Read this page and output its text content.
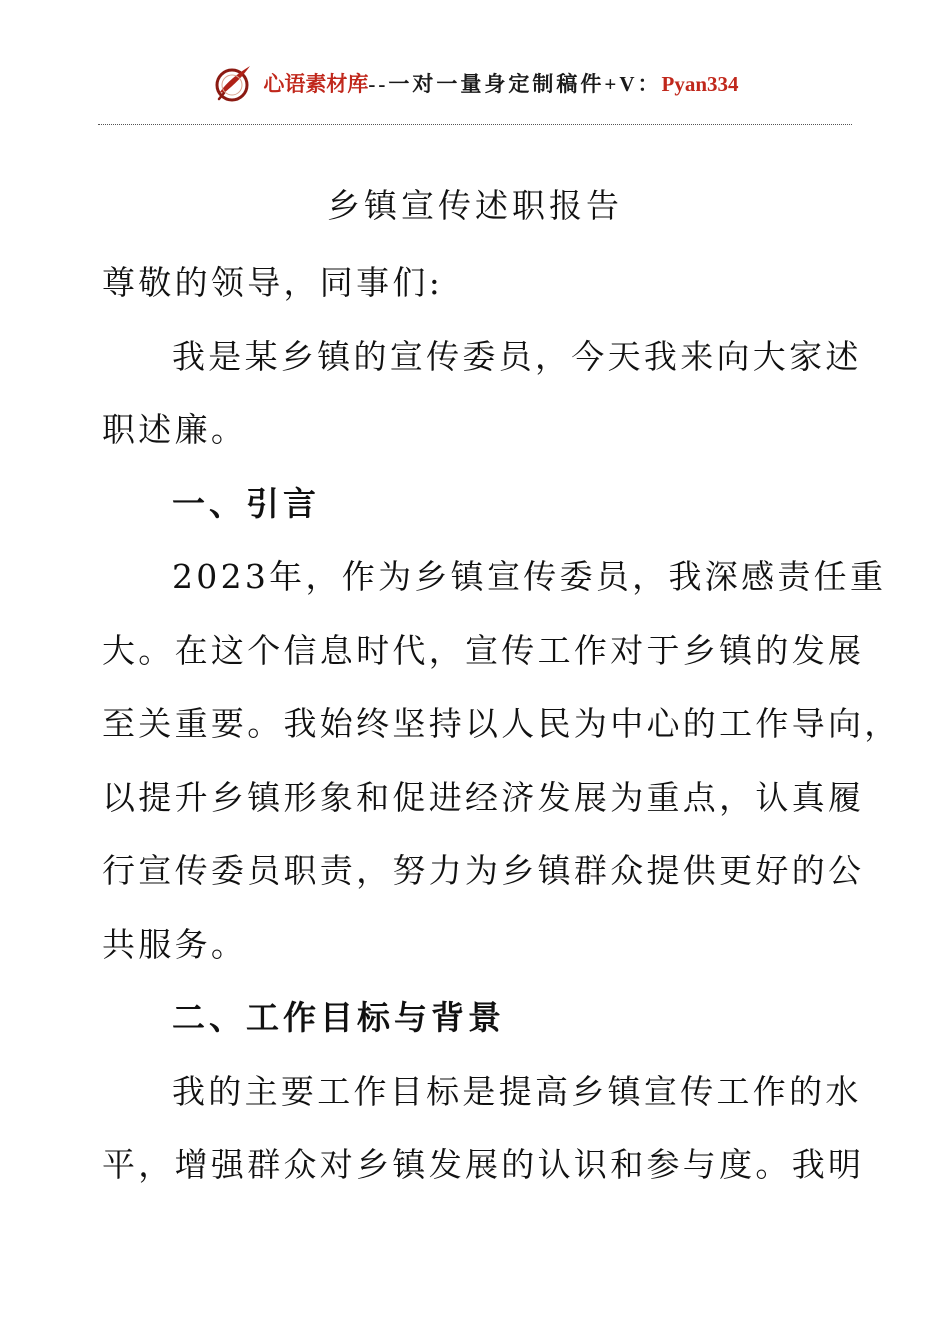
心语素材库--一对一量身定制稿件+V：Pyan334
乡镇宣传述职报告
尊敬的领导，同事们:
我是某乡镇的宣传委员，今天我来向大家述
职述廉。
一、引言
2023年，作为乡镇宣传委员，我深感责任重
大。在这个信息时代，宣传工作对于乡镇的发展
至关重要。我始终坚持以人民为中心的工作导向，
以提升乡镇形象和促进经济发展为重点，认真履
行宣传委员职责，努力为乡镇群众提供更好的公
共服务。
二、工作目标与背景
我的主要工作目标是提高乡镇宣传工作的水
平，增强群众对乡镇发展的认识和参与度。我明
